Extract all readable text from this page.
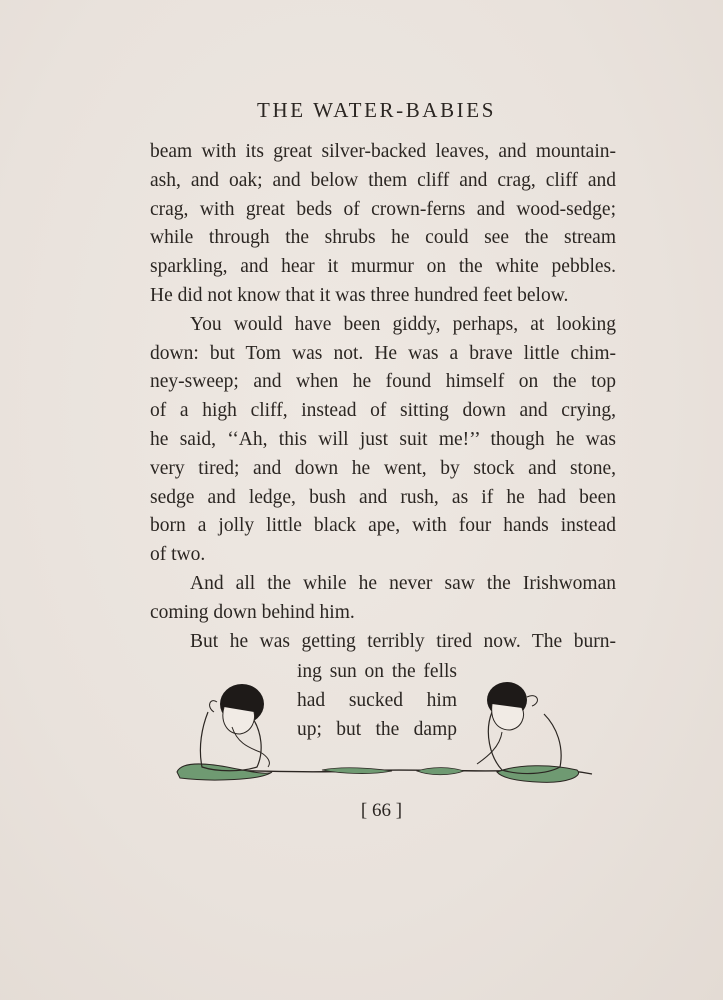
THE WATER-BABIES
beam with its great silver-backed leaves, and mountain-
ash, and oak; and below them cliff and crag, cliff and
crag, with great beds of crown-ferns and wood-sedge;
while through the shrubs he could see the stream
sparkling, and hear it murmur on the white pebbles.
He did not know that it was three hundred feet below.
You would have been giddy, perhaps, at looking
down: but Tom was not. He was a brave little chim-
ney-sweep; and when he found himself on the top
of a high cliff, instead of sitting down and crying,
he said, ‘‘Ah, this will just suit me!’’ though he was
very tired; and down he went, by stock and stone,
sedge and ledge, bush and rush, as if he had been
born a jolly little black ape, with four hands instead
of two.
And all the while he never saw the Irishwoman
coming down behind him.
But he was getting terribly tired now. The burn-
ing sun on the fells
had sucked him
up; but the damp
[ 66 ]
